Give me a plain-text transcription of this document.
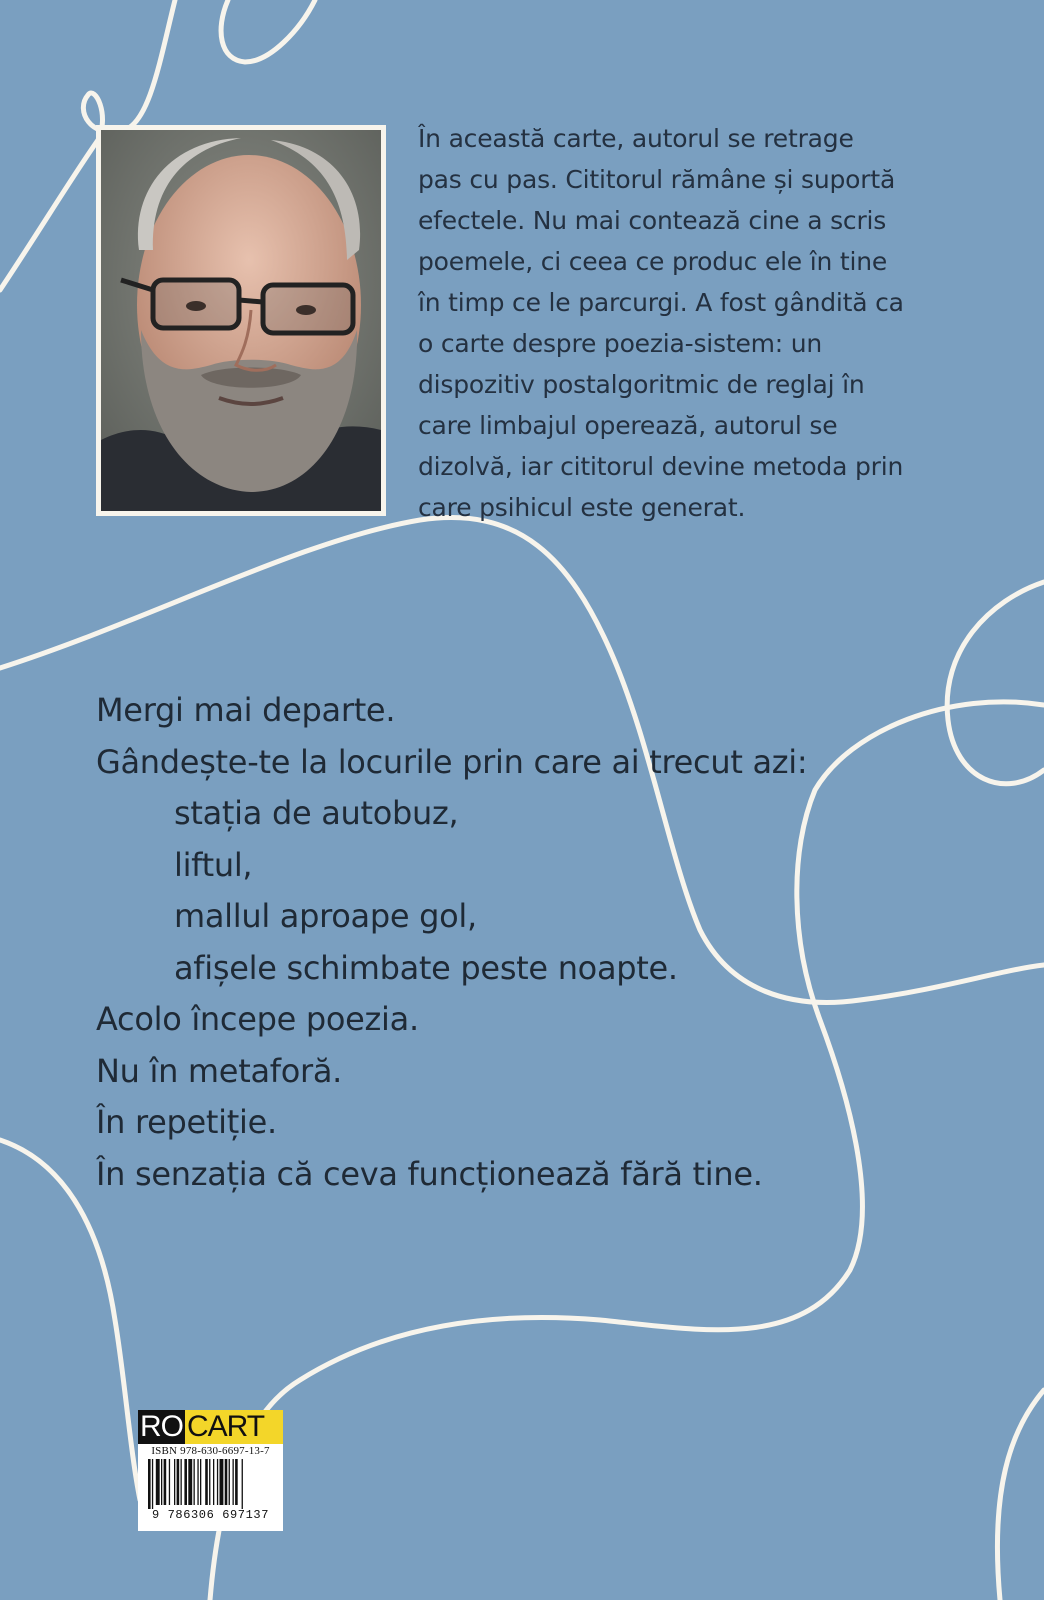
În această carte, autorul se retrage
pas cu pas. Cititorul rămâne și suportă
efectele. Nu mai contează cine a scris
poemele, ci ceea ce produc ele în tine
în timp ce le parcurgi. A fost gândită ca
o carte despre poezia-sistem: un
dispozitiv postalgoritmic de reglaj în
care limbajul operează, autorul se
dizolvă, iar cititorul devine metoda prin
care psihicul este generat.
Mergi mai departe.
Gândește-te la locurile prin care ai trecut azi:
stația de autobuz,
liftul,
mallul aproape gol,
afișele schimbate peste noapte.
Acolo începe poezia.
Nu în metaforă.
În repetiție.
În senzația că ceva funcționează fără tine.
RO CART
ISBN 978-630-6697-13-7
9 786306 697137
